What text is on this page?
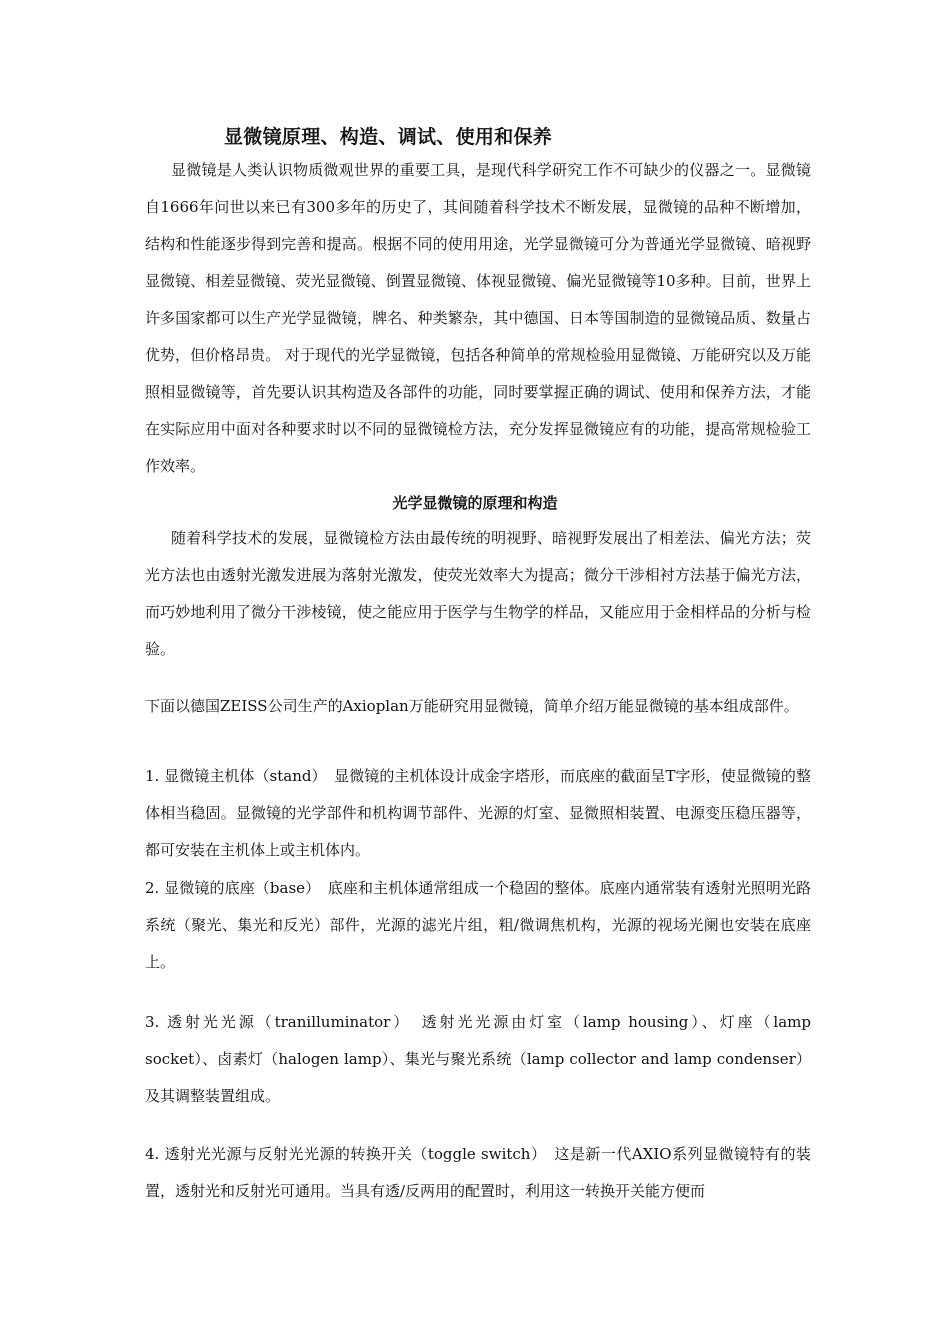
显微镜原理、构造、调试、使用和保养

显微镜是人类认识物质微观世界的重要工具，是现代科学研究工作不可缺少的仪器之一。显微镜自1666年问世以来已有300多年的历史了，其间随着科学技术不断发展，显微镜的品种不断增加，结构和性能逐步得到完善和提高。根据不同的使用用途，光学显微镜可分为普通光学显微镜、暗视野显微镜、相差显微镜、荧光显微镜、倒置显微镜、体视显微镜、偏光显微镜等10多种。目前，世界上许多国家都可以生产光学显微镜，牌名、种类繁杂，其中德国、日本等国制造的显微镜品质、数量占优势，但价格昂贵。 对于现代的光学显微镜，包括各种简单的常规检验用显微镜、万能研究以及万能照相显微镜等，首先要认识其构造及各部件的功能，同时要掌握正确的调试、使用和保养方法，才能在实际应用中面对各种要求时以不同的显微镜检方法，充分发挥显微镜应有的功能，提高常规检验工作效率。

光学显微镜的原理和构造

随着科学技术的发展，显微镜检方法由最传统的明视野、暗视野发展出了相差法、偏光方法；荧光方法也由透射光激发进展为落射光激发，使荧光效率大为提高；微分干涉相衬方法基于偏光方法，而巧妙地利用了微分干涉棱镜，使之能应用于医学与生物学的样品，又能应用于金相样品的分析与检验。

下面以德国ZEISS公司生产的Axioplan万能研究用显微镜，简单介绍万能显微镜的基本组成部件。

1. 显微镜主机体（stand）　显微镜的主机体设计成金字塔形，而底座的截面呈T字形，使显微镜的整体相当稳固。显微镜的光学部件和机构调节部件、光源的灯室、显微照相装置、电源变压稳压器等，都可安装在主机体上或主机体内。

2. 显微镜的底座（base）　底座和主机体通常组成一个稳固的整体。底座内通常装有透射光照明光路系统（聚光、集光和反光）部件，光源的滤光片组，粗/微调焦机构，光源的视场光阑也安装在底座上。

3. 透射光光源（tranilluminator）　透射光光源由灯室（lamp housing）、灯座（lamp socket）、卤素灯（halogen lamp）、集光与聚光系统（lamp collector and lamp condenser）及其调整装置组成。

4. 透射光光源与反射光光源的转换开关（toggle switch）　这是新一代AXIO系列显微镜特有的装置，透射光和反射光可通用。当具有透/反两用的配置时，利用这一转换开关能方便而
